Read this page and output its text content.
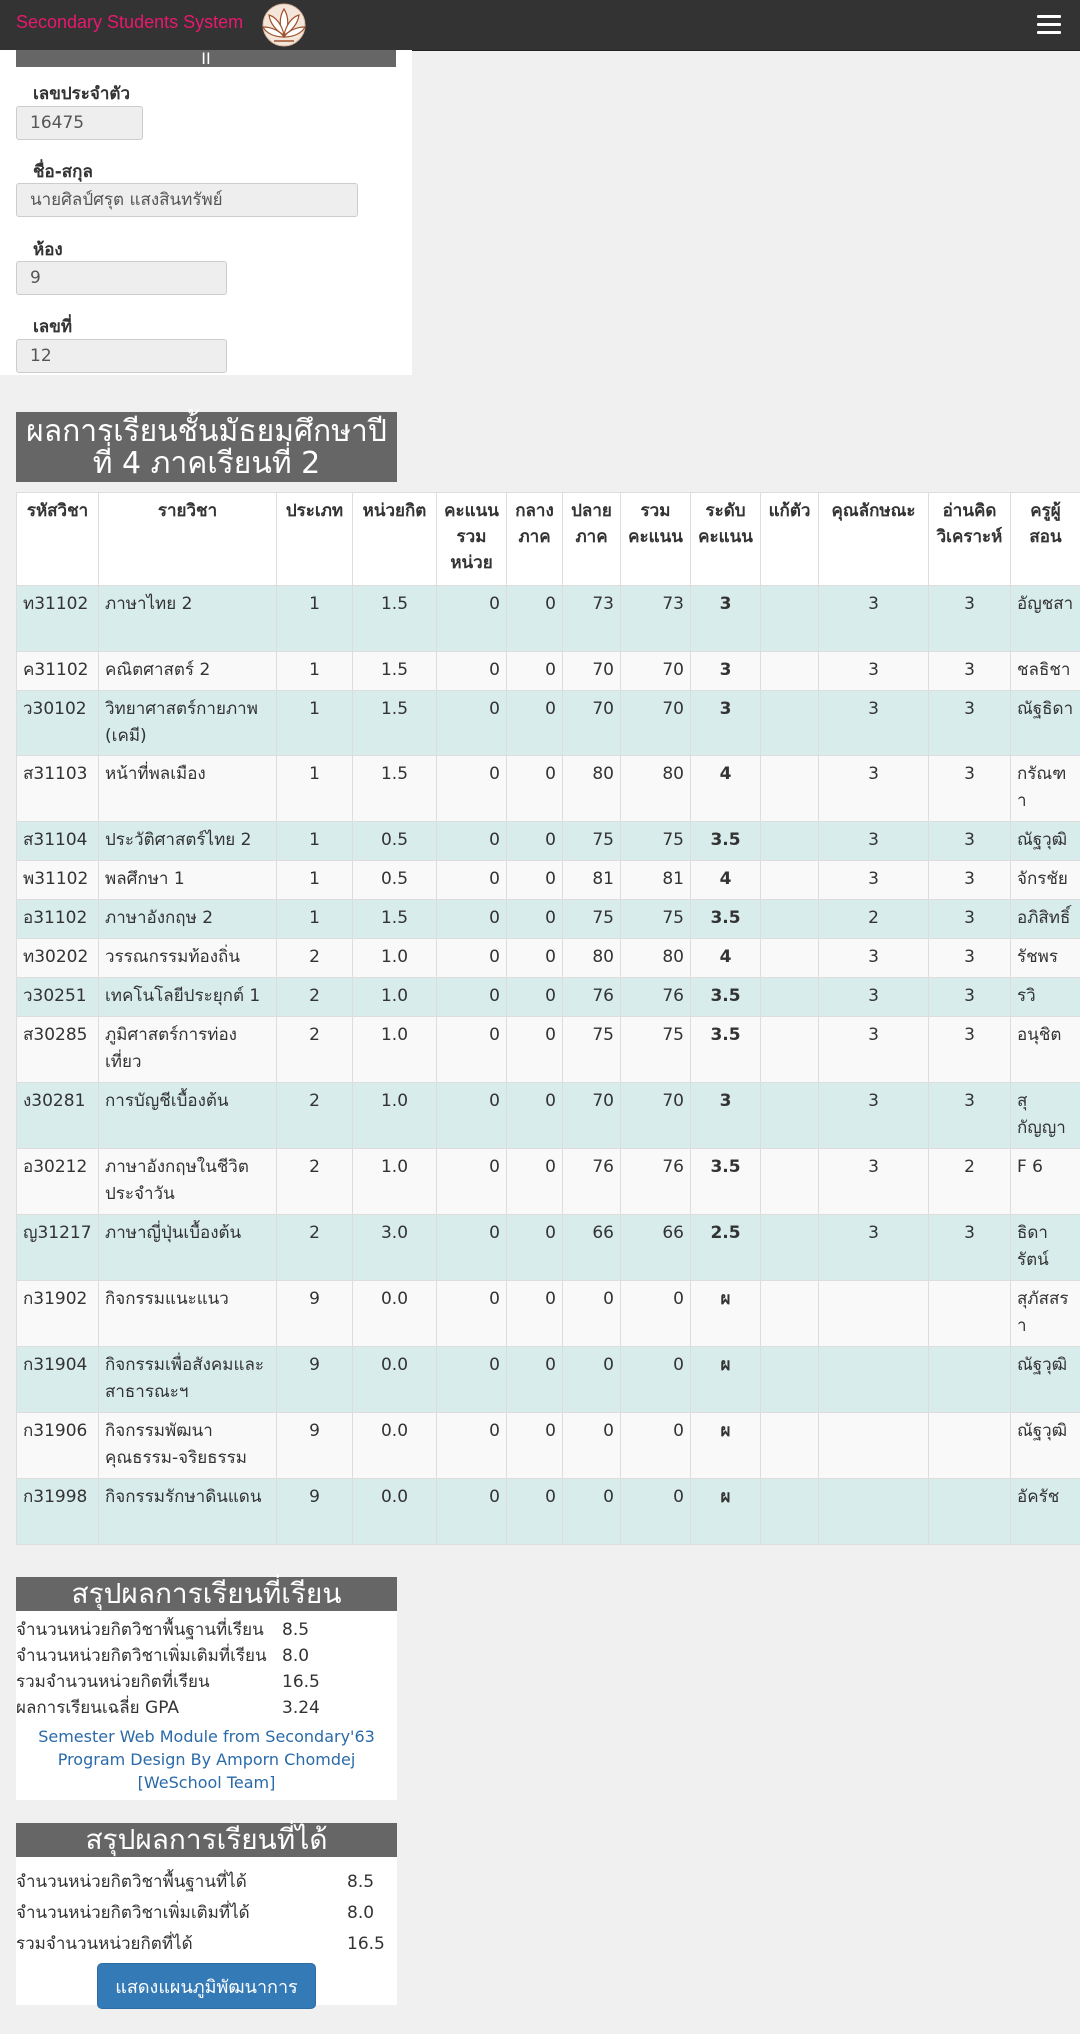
Secondary Students System
II
เลขประจำตัว
16475
ชื่อ-สกุล
นายศิลป์ศรุต แสงสินทรัพย์
ห้อง
9
เลขที่
12
ผลการเรียนชั้นมัธยมศึกษาปี
ที่ 4 ภาคเรียนที่ 2
รหัสวิชา	รายวิชา	ประเภท	หน่วยกิต	คะแนนรวมหน่วย	กลางภาค	ปลายภาค	รวมคะแนน	ระดับคะแนน	แก้ตัว	คุณลักษณะ	อ่านคิดวิเคราะห์	ครูผู้สอน
ท31102	ภาษาไทย 2	1	1.5	0	0	73	73	3		3	3	อัญชสา
ค31102	คณิตศาสตร์ 2	1	1.5	0	0	70	70	3		3	3	ชลธิชา
ว30102	วิทยาศาสตร์กายภาพ (เคมี)	1	1.5	0	0	70	70	3		3	3	ณัฐธิดา
ส31103	หน้าที่พลเมือง	1	1.5	0	0	80	80	4		3	3	กรัณฑา
ส31104	ประวัติศาสตร์ไทย 2	1	0.5	0	0	75	75	3.5		3	3	ณัฐวุฒิ
พ31102	พลศึกษา 1	1	0.5	0	0	81	81	4		3	3	จักรชัย
อ31102	ภาษาอังกฤษ 2	1	1.5	0	0	75	75	3.5		2	3	อภิสิทธิ์
ท30202	วรรณกรรมท้องถิ่น	2	1.0	0	0	80	80	4		3	3	รัชพร
ว30251	เทคโนโลยีประยุกต์ 1	2	1.0	0	0	76	76	3.5		3	3	รวิ
ส30285	ภูมิศาสตร์การท่องเที่ยว	2	1.0	0	0	75	75	3.5		3	3	อนุชิต
ง30281	การบัญชีเบื้องต้น	2	1.0	0	0	70	70	3		3	3	สุกัญญา
อ30212	ภาษาอังกฤษในชีวิตประจำวัน	2	1.0	0	0	76	76	3.5		3	2	F 6
ญ31217	ภาษาญี่ปุ่นเบื้องต้น	2	3.0	0	0	66	66	2.5		3	3	ธิดารัตน์
ก31902	กิจกรรมแนะแนว	9	0.0	0	0	0	0	ผ				สุภัสสรา
ก31904	กิจกรรมเพื่อสังคมและสาธารณะฯ	9	0.0	0	0	0	0	ผ				ณัฐวุฒิ
ก31906	กิจกรรมพัฒนาคุณธรรม-จริยธรรม	9	0.0	0	0	0	0	ผ				ณัฐวุฒิ
ก31998	กิจกรรมรักษาดินแดน	9	0.0	0	0	0	0	ผ				อัครัช
สรุปผลการเรียนที่เรียน
จำนวนหน่วยกิตวิชาพื้นฐานที่เรียน 8.5
จำนวนหน่วยกิตวิชาเพิ่มเติมที่เรียน 8.0
รวมจำนวนหน่วยกิตที่เรียน	16.5
ผลการเรียนเฉลี่ย GPA	3.24
Semester Web Module from Secondary'63
Program Design By Amporn Chomdej [WeSchool Team]
สรุปผลการเรียนที่ได้
จำนวนหน่วยกิตวิชาพื้นฐานที่ได้	8.5
จำนวนหน่วยกิตวิชาเพิ่มเติมที่ได้	8.0
รวมจำนวนหน่วยกิตที่ได้	16.5
แสดงแผนภูมิพัฒนาการ
